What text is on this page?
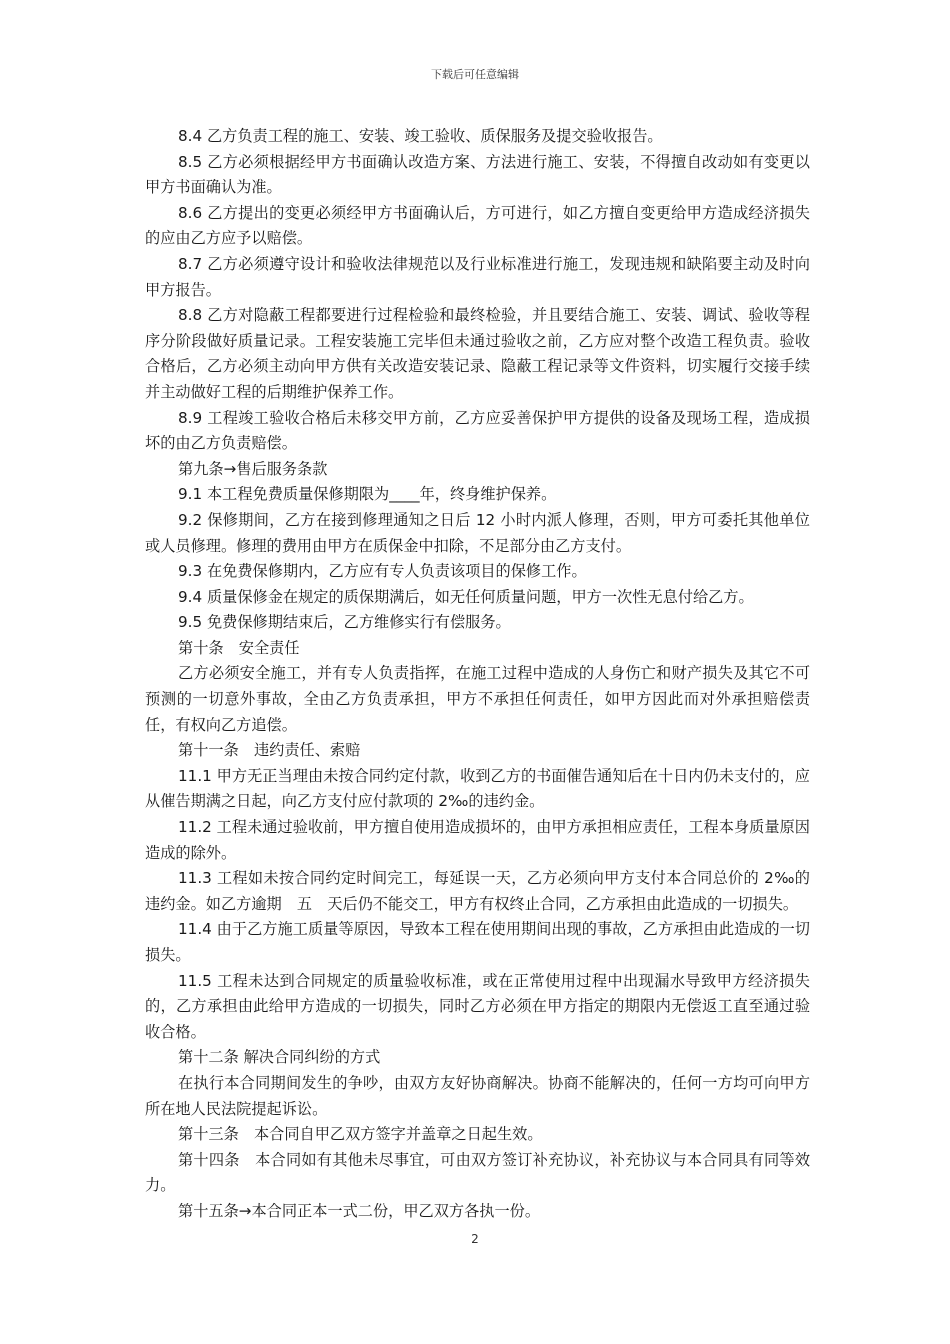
下载后可任意编辑

8.4 乙方负责工程的施工、安装、竣工验收、质保服务及提交验收报告。

8.5 乙方必须根据经甲方书面确认改造方案、方法进行施工、安装，不得擅自改动如有变更以甲方书面确认为准。

8.6 乙方提出的变更必须经甲方书面确认后，方可进行，如乙方擅自变更给甲方造成经济损失的应由乙方应予以赔偿。

8.7 乙方必须遵守设计和验收法律规范以及行业标准进行施工，发现违规和缺陷要主动及时向甲方报告。

8.8 乙方对隐蔽工程都要进行过程检验和最终检验，并且要结合施工、安装、调试、验收等程序分阶段做好质量记录。工程安装施工完毕但未通过验收之前，乙方应对整个改造工程负责。验收合格后，乙方必须主动向甲方供有关改造安装记录、隐蔽工程记录等文件资料，切实履行交接手续并主动做好工程的后期维护保养工作。

8.9 工程竣工验收合格后未移交甲方前，乙方应妥善保护甲方提供的设备及现场工程，造成损坏的由乙方负责赔偿。

第九条→售后服务条款

9.1 本工程免费质量保修期限为____年，终身维护保养。

9.2 保修期间，乙方在接到修理通知之日后 12 小时内派人修理，否则，甲方可委托其他单位或人员修理。修理的费用由甲方在质保金中扣除，不足部分由乙方支付。

9.3 在免费保修期内，乙方应有专人负责该项目的保修工作。

9.4 质量保修金在规定的质保期满后，如无任何质量问题，甲方一次性无息付给乙方。

9.5 免费保修期结束后，乙方维修实行有偿服务。

第十条　安全责任

乙方必须安全施工，并有专人负责指挥，在施工过程中造成的人身伤亡和财产损失及其它不可预测的一切意外事故，全由乙方负责承担，甲方不承担任何责任，如甲方因此而对外承担赔偿责任，有权向乙方追偿。

第十一条　违约责任、索赔

11.1 甲方无正当理由未按合同约定付款，收到乙方的书面催告通知后在十日内仍未支付的，应从催告期满之日起，向乙方支付应付款项的 2‰的违约金。

11.2 工程未通过验收前，甲方擅自使用造成损坏的，由甲方承担相应责任，工程本身质量原因造成的除外。

11.3 工程如未按合同约定时间完工，每延误一天，乙方必须向甲方支付本合同总价的 2‰的违约金。如乙方逾期　五　天后仍不能交工，甲方有权终止合同，乙方承担由此造成的一切损失。

11.4 由于乙方施工质量等原因，导致本工程在使用期间出现的事故，乙方承担由此造成的一切损失。

11.5 工程未达到合同规定的质量验收标准，或在正常使用过程中出现漏水导致甲方经济损失的，乙方承担由此给甲方造成的一切损失，同时乙方必须在甲方指定的期限内无偿返工直至通过验收合格。

第十二条 解决合同纠纷的方式

在执行本合同期间发生的争吵，由双方友好协商解决。协商不能解决的，任何一方均可向甲方所在地人民法院提起诉讼。

第十三条　本合同自甲乙双方签字并盖章之日起生效。

第十四条　本合同如有其他未尽事宜，可由双方签订补充协议，补充协议与本合同具有同等效力。

第十五条→本合同正本一式二份，甲乙双方各执一份。

2
